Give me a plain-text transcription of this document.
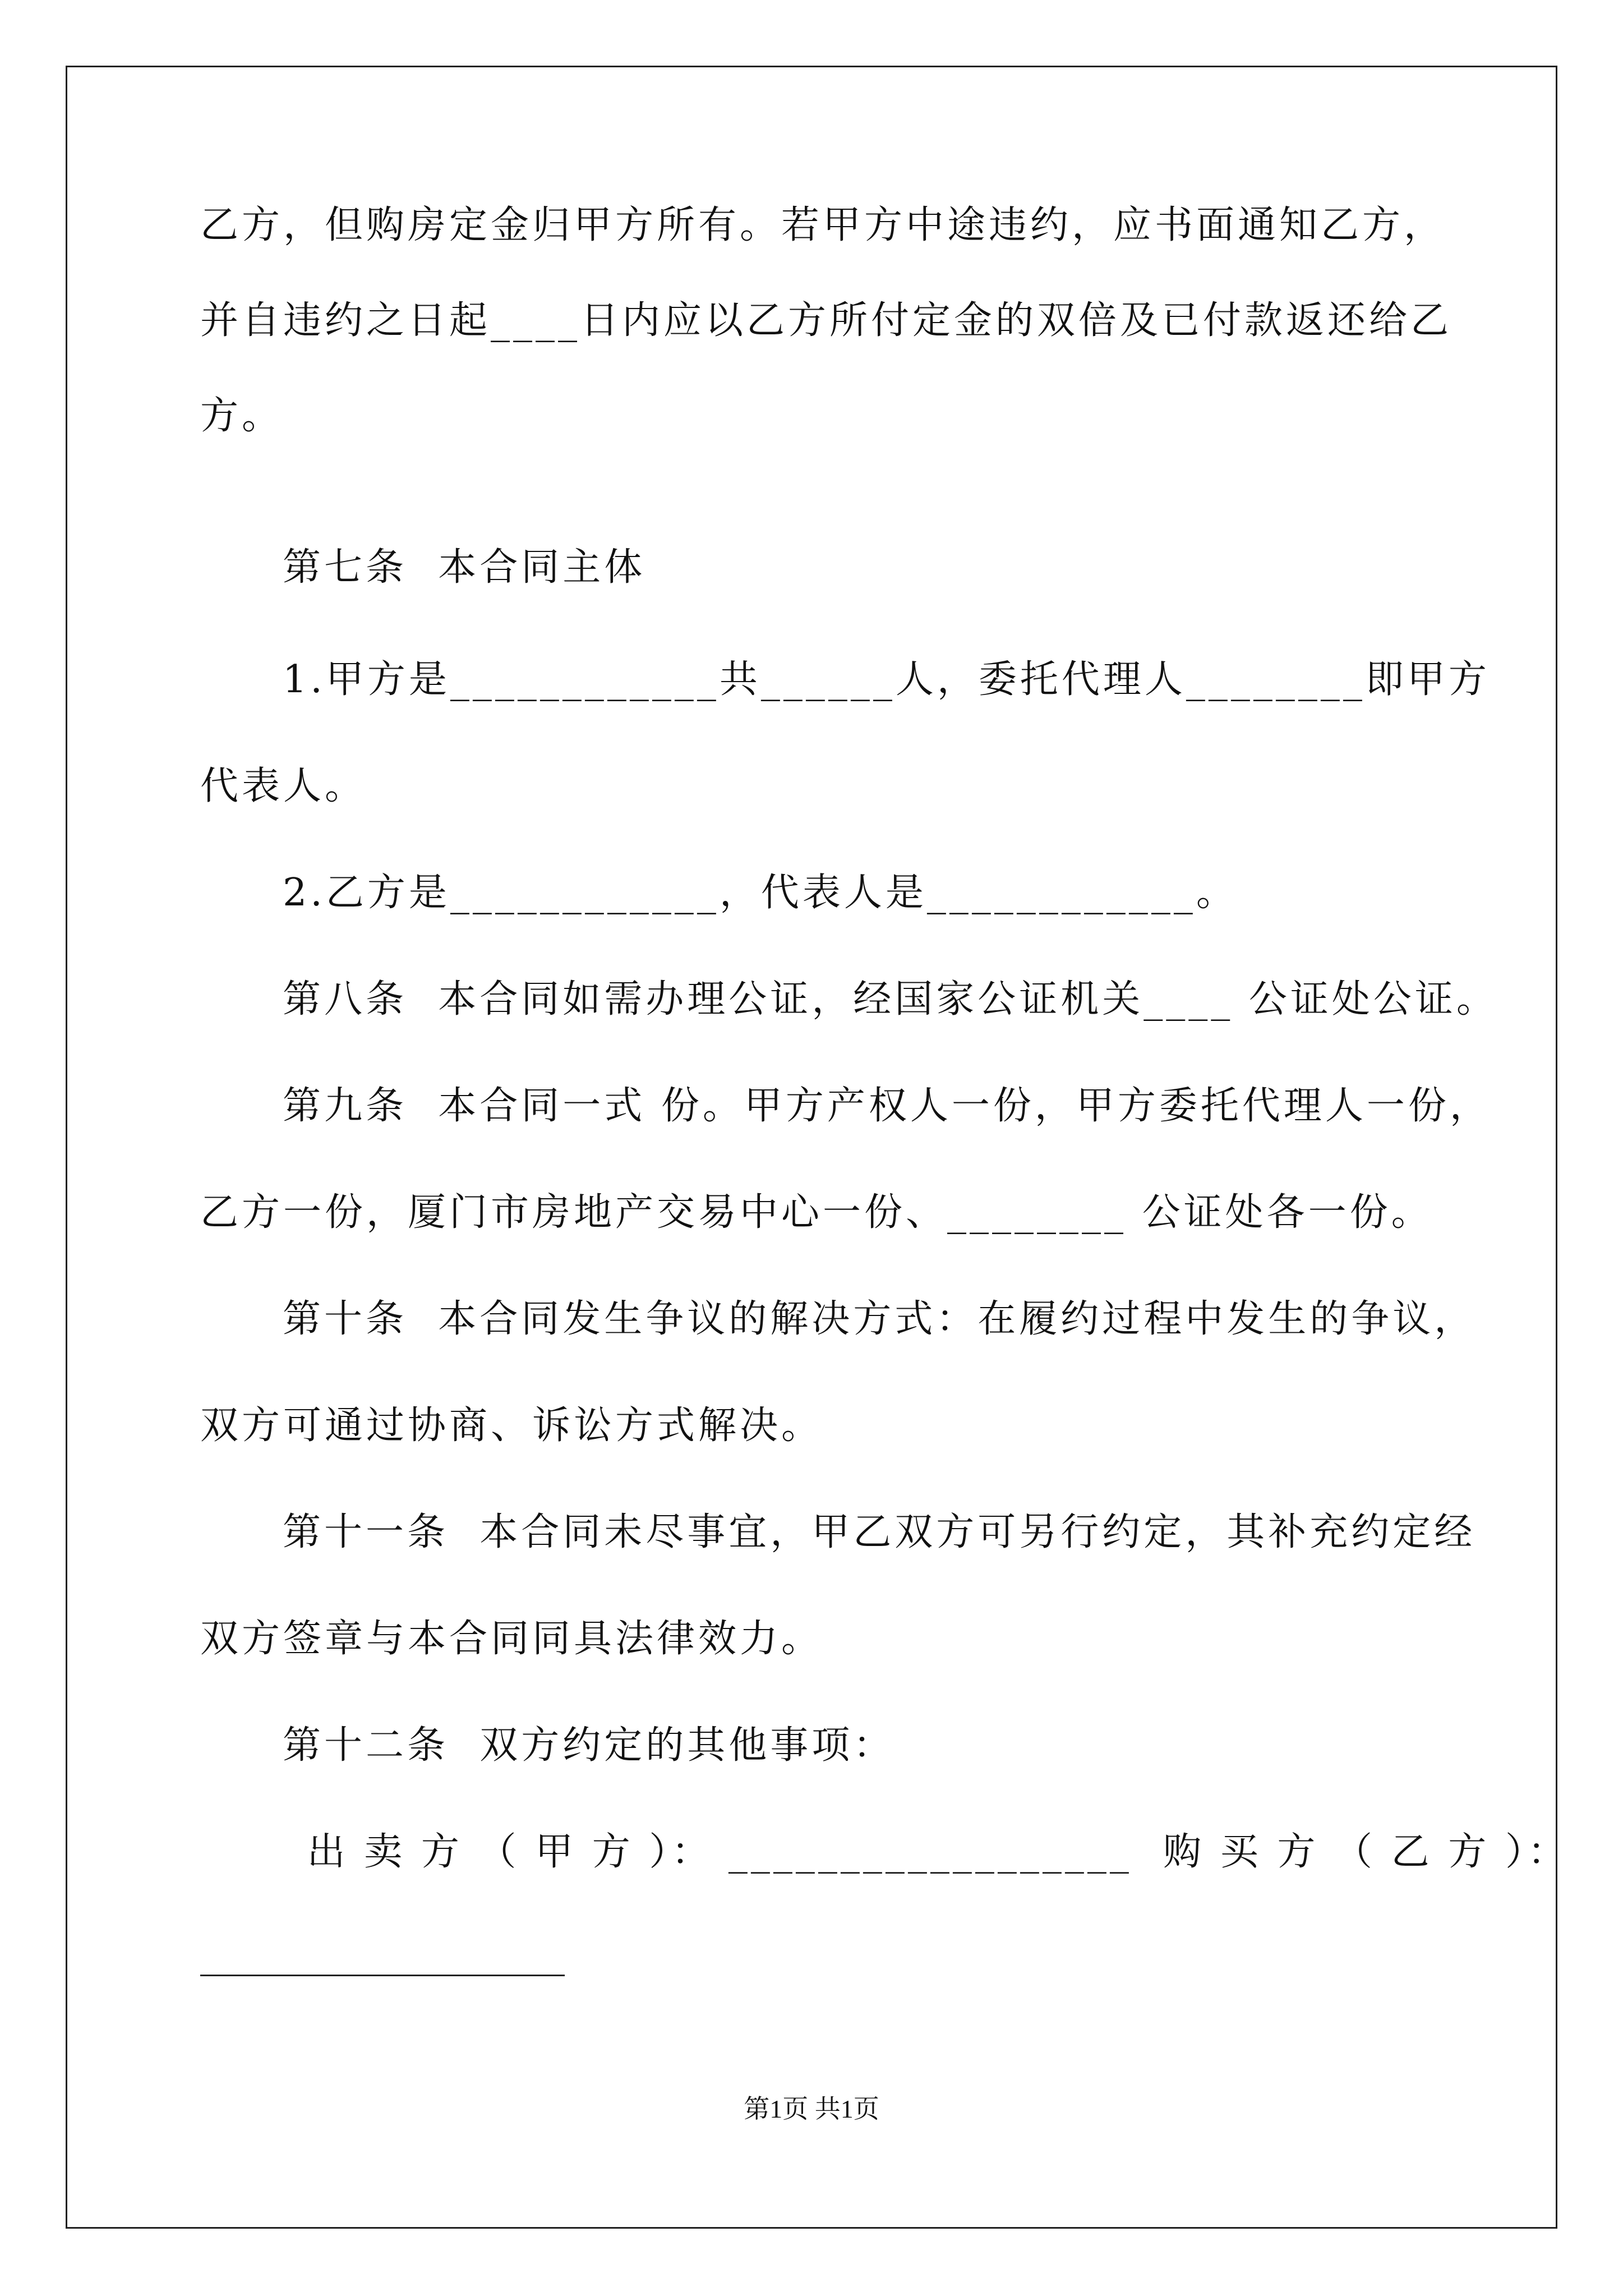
乙方，但购房定金归甲方所有。若甲方中途违约，应书面通知乙方，
并自违约之日起____日内应以乙方所付定金的双倍及已付款返还给乙
方。
第七条  本合同主体
1.甲方是____________共______人，委托代理人________即甲方
代表人。
2.乙方是____________，代表人是____________。
第八条  本合同如需办理公证，经国家公证机关____ 公证处公证。
第九条  本合同一式 份。甲方产权人一份，甲方委托代理人一份，
乙方一份，厦门市房地产交易中心一份、________ 公证处各一份。
第十条  本合同发生争议的解决方式：在履约过程中发生的争议，
双方可通过协商、诉讼方式解决。
第十一条  本合同未尽事宜，甲乙双方可另行约定，其补充约定经
双方签章与本合同同具法律效力。
第十二条  双方约定的其他事项：
出 卖 方 （ 甲 方 ）： __________________  购 买 方 （ 乙 方 ）：
第1页 共1页
